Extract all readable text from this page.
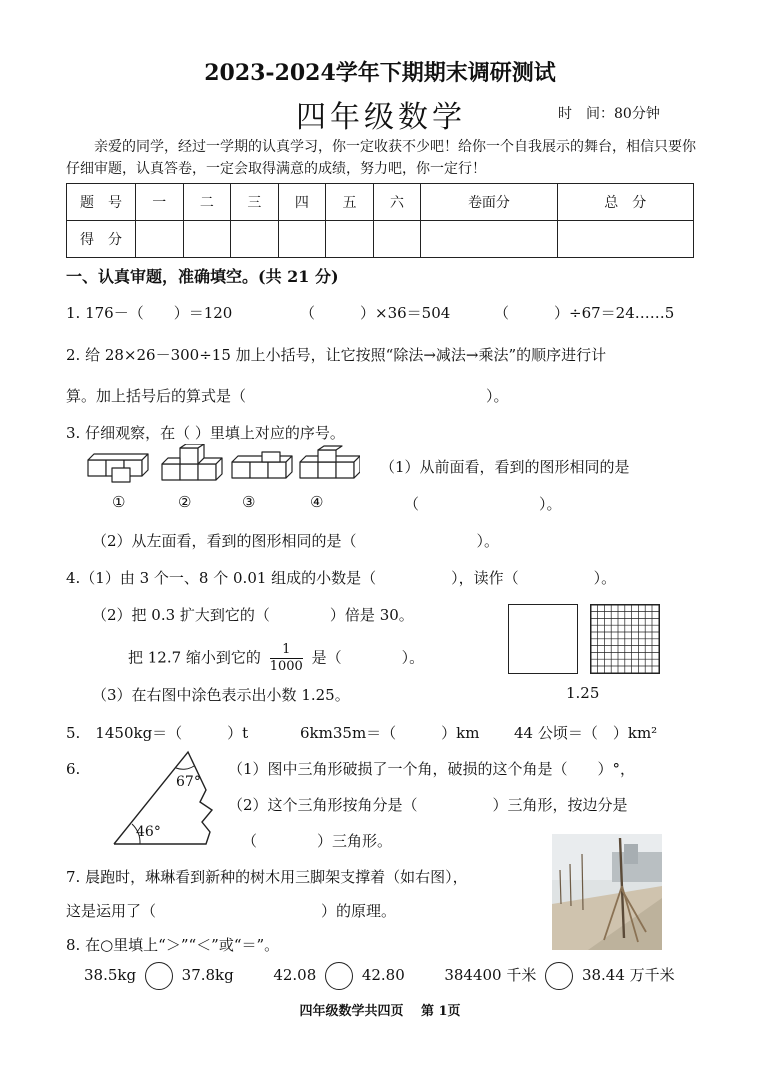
2023-2024学年下期期末调研测试
四年级数学	时　间：80分钟
亲爱的同学，经过一学期的认真学习，你一定收获不少吧！给你一个自我展示的舞台，相信只要你仔细审题，认真答卷，一定会取得满意的成绩，努力吧，你一定行！
题　号	一	二	三	四	五	六	卷面分	总　分
得　分								
一、认真审题，准确填空。(共 21 分)
1. 176－（　　）＝120	（　　　）×36＝504	（　　　）÷67＝24……5
2. 给 28×26－300÷15 加上小括号，让它按照“除法→减法→乘法”的顺序进行计
算。加上括号后的算式是（　　　　　　　　　　　　　　　　）。
3. 仔细观察，在（ ）里填上对应的序号。
①	②	③	④
（1）从前面看，看到的图形相同的是
（　　　　　　　　）。
（2）从左面看，看到的图形相同的是（　　　　　　　　）。
4.（1）由 3 个一、8 个 0.01 组成的小数是（　　　　　），读作（　　　　　）。
（2）把 0.3 扩大到它的（　　　　）倍是 30。
把 12.7 缩小到它的 $\frac{1}{1000}$ 是（　　　　）。
（3）在右图中涂色表示出小数 1.25。	1.25
5.　1450kg＝（　　　）t	6km35m＝（　　　）km 44 公顷＝（　）km²
6.
67°
46°
（1）图中三角形破损了一个角，破损的这个角是（　　）°，
（2）这个三角形按角分是（　　　　　）三角形，按边分是
（　　　　）三角形。
7. 晨跑时，琳琳看到新种的树木用三脚架支撑着（如右图），
这是运用了（　　　　　　　　　　　）的原理。
8. 在○里填上“＞”“＜”或“＝”。
38.5kg	37.8kg	42.08	42.80	384400 千米	38.44 万千米
四年级数学共四页　 第 1页
